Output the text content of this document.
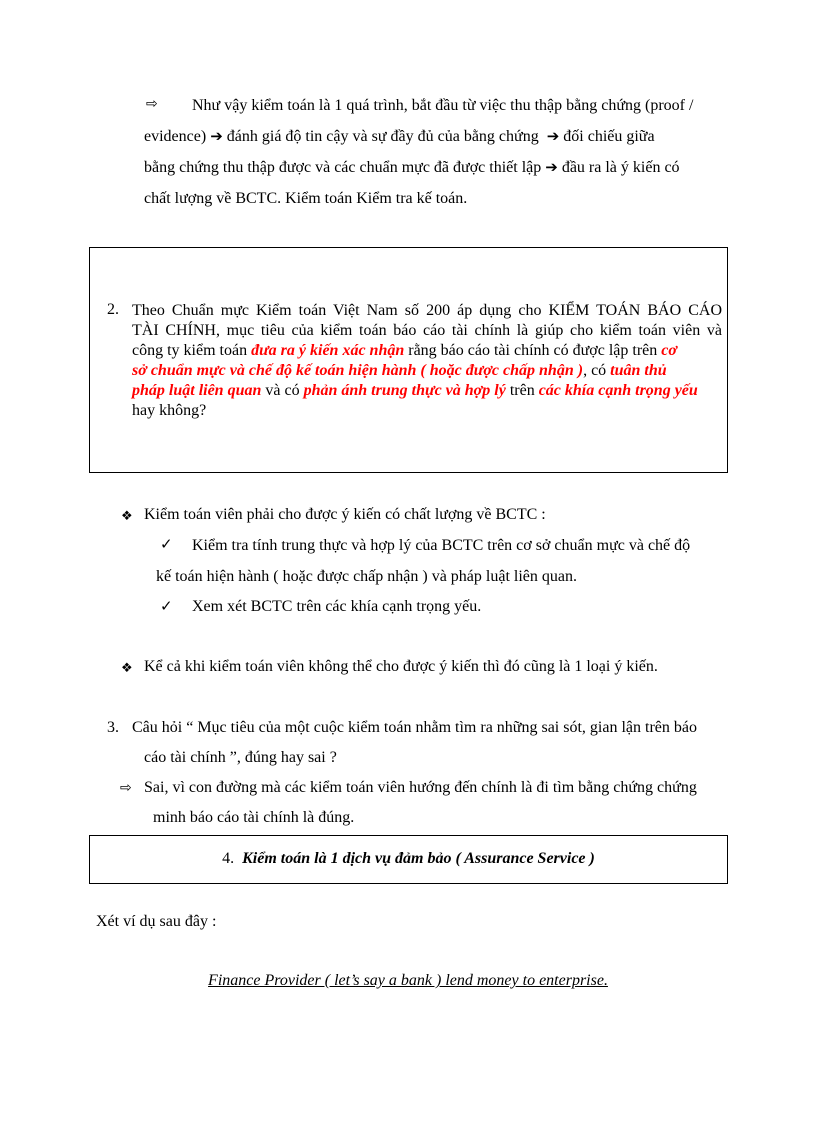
⇨ Như vậy kiểm toán là 1 quá trình, bắt đầu từ việc thu thập bằng chứng (proof /
evidence) ➔ đánh giá độ tin cậy và sự đầy đủ của bằng chứng ➔ đối chiếu giữa
bằng chứng thu thập được và các chuẩn mực đã được thiết lập ➔ đầu ra là ý kiến có
chất lượng về BCTC. Kiểm toán Kiểm tra kế toán.
2. Theo Chuẩn mực Kiểm toán Việt Nam số 200 áp dụng cho KIỂM TOÁN BÁO CÁO
TÀI CHÍNH, mục tiêu của kiểm toán báo cáo tài chính là giúp cho kiểm toán viên và
công ty kiểm toán đưa ra ý kiến xác nhận rằng báo cáo tài chính có được lập trên cơ
sở chuẩn mực và chế độ kế toán hiện hành ( hoặc được chấp nhận ), có tuân thủ
pháp luật liên quan và có phản ánh trung thực và hợp lý trên các khía cạnh trọng yếu
hay không?
❖ Kiểm toán viên phải cho được ý kiến có chất lượng về BCTC :
✓ Kiểm tra tính trung thực và hợp lý của BCTC trên cơ sở chuẩn mực và chế độ
kế toán hiện hành ( hoặc được chấp nhận ) và pháp luật liên quan.
✓ Xem xét BCTC trên các khía cạnh trọng yếu.
❖ Kể cả khi kiểm toán viên không thể cho được ý kiến thì đó cũng là 1 loại ý kiến.
3. Câu hỏi “ Mục tiêu của một cuộc kiểm toán nhằm tìm ra những sai sót, gian lận trên báo
cáo tài chính ”, đúng hay sai ?
⇨ Sai, vì con đường mà các kiểm toán viên hướng đến chính là đi tìm bằng chứng chứng
minh báo cáo tài chính là đúng.
4. Kiểm toán là 1 dịch vụ đảm bảo ( Assurance Service )
Xét ví dụ sau đây :
Finance Provider ( let’s say a bank ) lend money to enterprise.
